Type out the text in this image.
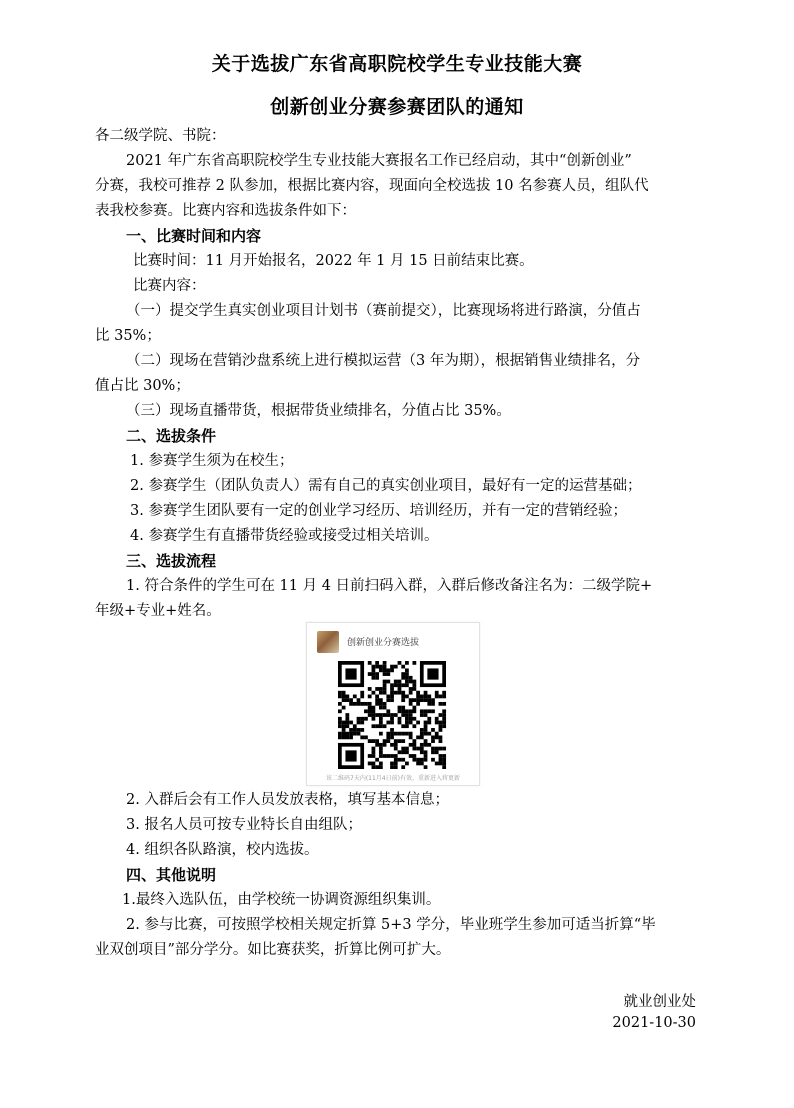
关于选拔广东省高职院校学生专业技能大赛
创新创业分赛参赛团队的通知
各二级学院、书院：
2021 年广东省高职院校学生专业技能大赛报名工作已经启动，其中“创新创业”
分赛，我校可推荐 2 队参加，根据比赛内容，现面向全校选拔 10 名参赛人员，组队代
表我校参赛。比赛内容和选拔条件如下：
一、比赛时间和内容
比赛时间：11 月开始报名，2022 年 1 月 15 日前结束比赛。
比赛内容：
（一）提交学生真实创业项目计划书（赛前提交），比赛现场将进行路演，分值占
比 35%；
（二）现场在营销沙盘系统上进行模拟运营（3 年为期），根据销售业绩排名，分
值占比 30%；
（三）现场直播带货，根据带货业绩排名，分值占比 35%。
二、选拔条件
1. 参赛学生须为在校生；
2. 参赛学生（团队负责人）需有自己的真实创业项目，最好有一定的运营基础；
3. 参赛学生团队要有一定的创业学习经历、培训经历，并有一定的营销经验；
4. 参赛学生有直播带货经验或接受过相关培训。
三、选拔流程
1. 符合条件的学生可在 11 月 4 日前扫码入群，入群后修改备注名为：二级学院+
年级+专业+姓名。
创新创业分赛选拔
该二维码7天内(11月4日前)有效，重新进入将更新
2. 入群后会有工作人员发放表格，填写基本信息；
3. 报名人员可按专业特长自由组队；
4. 组织各队路演，校内选拔。
四、其他说明
1.最终入选队伍，由学校统一协调资源组织集训。
2. 参与比赛，可按照学校相关规定折算 5+3 学分，毕业班学生参加可适当折算“毕
业双创项目”部分学分。如比赛获奖，折算比例可扩大。
就业创业处
2021-10-30
